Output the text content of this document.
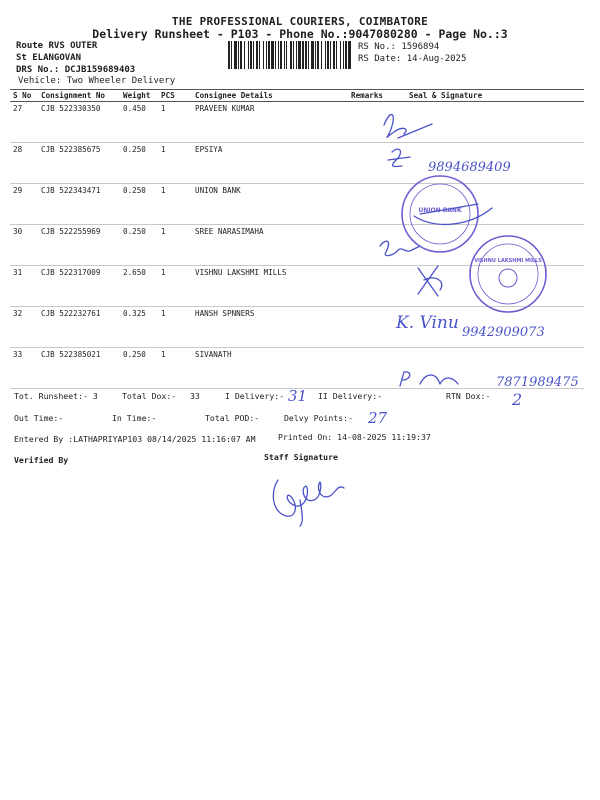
THE PROFESSIONAL COURIERS, COIMBATORE
Delivery Runsheet - P103 - Phone No.:9047080280 - Page No.:3
Route RVS OUTER
St ELANGOVAN
DRS No.: DCJB159689403
Vehicle: Two Wheeler Delivery
RS No.: 1596894
RS Date: 14-Aug-2025
S No	Consignment No	Weight	PCS	Consignee Details	Remarks	Seal & Signature
27	CJB 522330350	0.450	1	PRAVEEN KUMAR		
28	CJB 522385675	0.250	1	EPSIYA		
29	CJB 522343471	0.250	1	UNION BANK		
30	CJB 522255969	0.250	1	SREE NARASIMAHA		
31	CJB 522317009	2.650	1	VISHNU LAKSHMI MILLS		
32	CJB 522232761	0.325	1	HANSH SPNNERS		
33	CJB 522385021	0.250	1	SIVANATH		
Tot. Runsheet:- 3	Total Dox:- 33	I Delivery:-	II Delivery:-	RTN Dox:-
Out Time:-	In Time:-	Total POD:-	Delvy Points:-
Entered By :LATHAPRIYAP103 08/14/2025 11:16:07 AM	Printed On: 14-08-2025 11:19:37
Verified By	Staff Signature
9894689409
UNION BANK
VISHNU LAKSHMI MILLS
K. Vinu 9942909073
7871989475
31	2
27
